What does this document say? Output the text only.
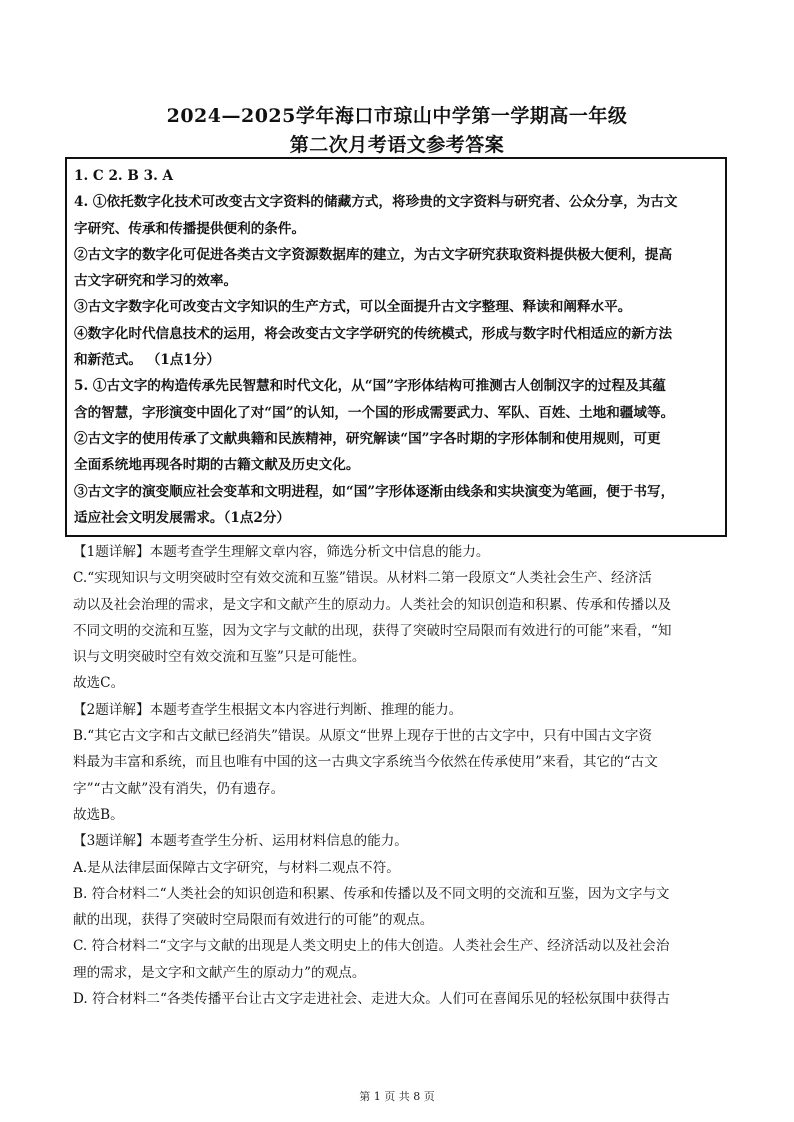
2024—2025学年海口市琼山中学第一学期高一年级
第二次月考语文参考答案
1. C 2. B 3. A
4. ①依托数字化技术可改变古文字资料的储藏方式，将珍贵的文字资料与研究者、公众分享，为古文
字研究、传承和传播提供便利的条件。
②古文字的数字化可促进各类古文字资源数据库的建立，为古文字研究获取资料提供极大便利，提高
古文字研究和学习的效率。
③古文字数字化可改变古文字知识的生产方式，可以全面提升古文字整理、释读和阐释水平。
④数字化时代信息技术的运用，将会改变古文字学研究的传统模式，形成与数字时代相适应的新方法
和新范式。 （1点1分）
5. ①古文字的构造传承先民智慧和时代文化，从“国”字形体结构可推测古人创制汉字的过程及其蕴
含的智慧，字形演变中固化了对“国”的认知，一个国的形成需要武力、军队、百姓、土地和疆域等。
②古文字的使用传承了文献典籍和民族精神，研究解读“国”字各时期的字形体制和使用规则，可更
全面系统地再现各时期的古籍文献及历史文化。
③古文字的演变顺应社会变革和文明进程，如“国”字形体逐渐由线条和实块演变为笔画，便于书写，
适应社会文明发展需求。（1点2分）
【1题详解】本题考查学生理解文章内容，筛选分析文中信息的能力。
C.“实现知识与文明突破时空有效交流和互鉴”错误。从材料二第一段原文“人类社会生产、经济活
动以及社会治理的需求，是文字和文献产生的原动力。人类社会的知识创造和积累、传承和传播以及
不同文明的交流和互鉴，因为文字与文献的出现，获得了突破时空局限而有效进行的可能”来看，“知
识与文明突破时空有效交流和互鉴”只是可能性。
故选C。
【2题详解】本题考查学生根据文本内容进行判断、推理的能力。
B.“其它古文字和古文献已经消失”错误。从原文“世界上现存于世的古文字中，只有中国古文字资
料最为丰富和系统，而且也唯有中国的这一古典文字系统当今依然在传承使用”来看，其它的“古文
字”“古文献”没有消失，仍有遗存。
故选B。
【3题详解】本题考查学生分析、运用材料信息的能力。
A.是从法律层面保障古文字研究，与材料二观点不符。
B. 符合材料二“人类社会的知识创造和积累、传承和传播以及不同文明的交流和互鉴，因为文字与文
献的出现，获得了突破时空局限而有效进行的可能”的观点。
C. 符合材料二“文字与文献的出现是人类文明史上的伟大创造。人类社会生产、经济活动以及社会治
理的需求，是文字和文献产生的原动力”的观点。
D. 符合材料二“各类传播平台让古文字走进社会、走进大众。人们可在喜闻乐见的轻松氛围中获得古
第 1 页 共 8 页
